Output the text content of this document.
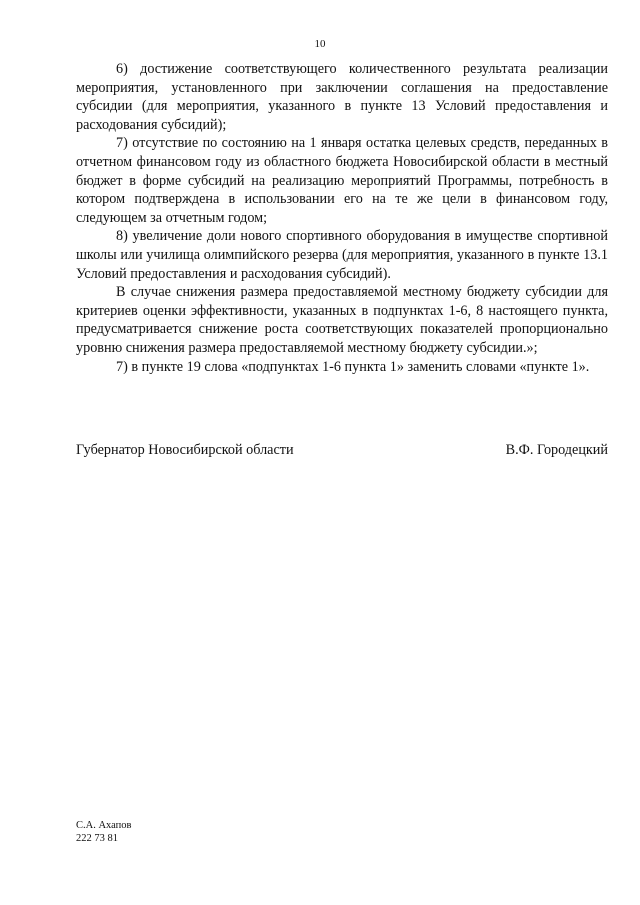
10

6) достижение соответствующего количественного результата реализации мероприятия, установленного при заключении соглашения на предоставление субсидии (для мероприятия, указанного в пункте 13 Условий предоставления и расходования субсидий);

7) отсутствие по состоянию на 1 января остатка целевых средств, переданных в отчетном финансовом году из областного бюджета Новосибирской области в местный бюджет в форме субсидий на реализацию мероприятий Программы, потребность в котором подтверждена в использовании его на те же цели в финансовом году, следующем за отчетным годом;

8) увеличение доли нового спортивного оборудования в имуществе спортивной школы или училища олимпийского резерва (для мероприятия, указанного в пункте 13.1 Условий предоставления и расходования субсидий).

В случае снижения размера предоставляемой местному бюджету субсидии для критериев оценки эффективности, указанных в подпунктах 1-6, 8 настоящего пункта, предусматривается снижение роста соответствующих показателей пропорционально уровню снижения размера предоставляемой местному бюджету субсидии.»;

7) в пункте 19 слова «подпунктах 1-6 пункта 1» заменить словами «пункте 1».

Губернатор Новосибирской области	В.Ф. Городецкий
С.А. Ахапов
222 73 81
